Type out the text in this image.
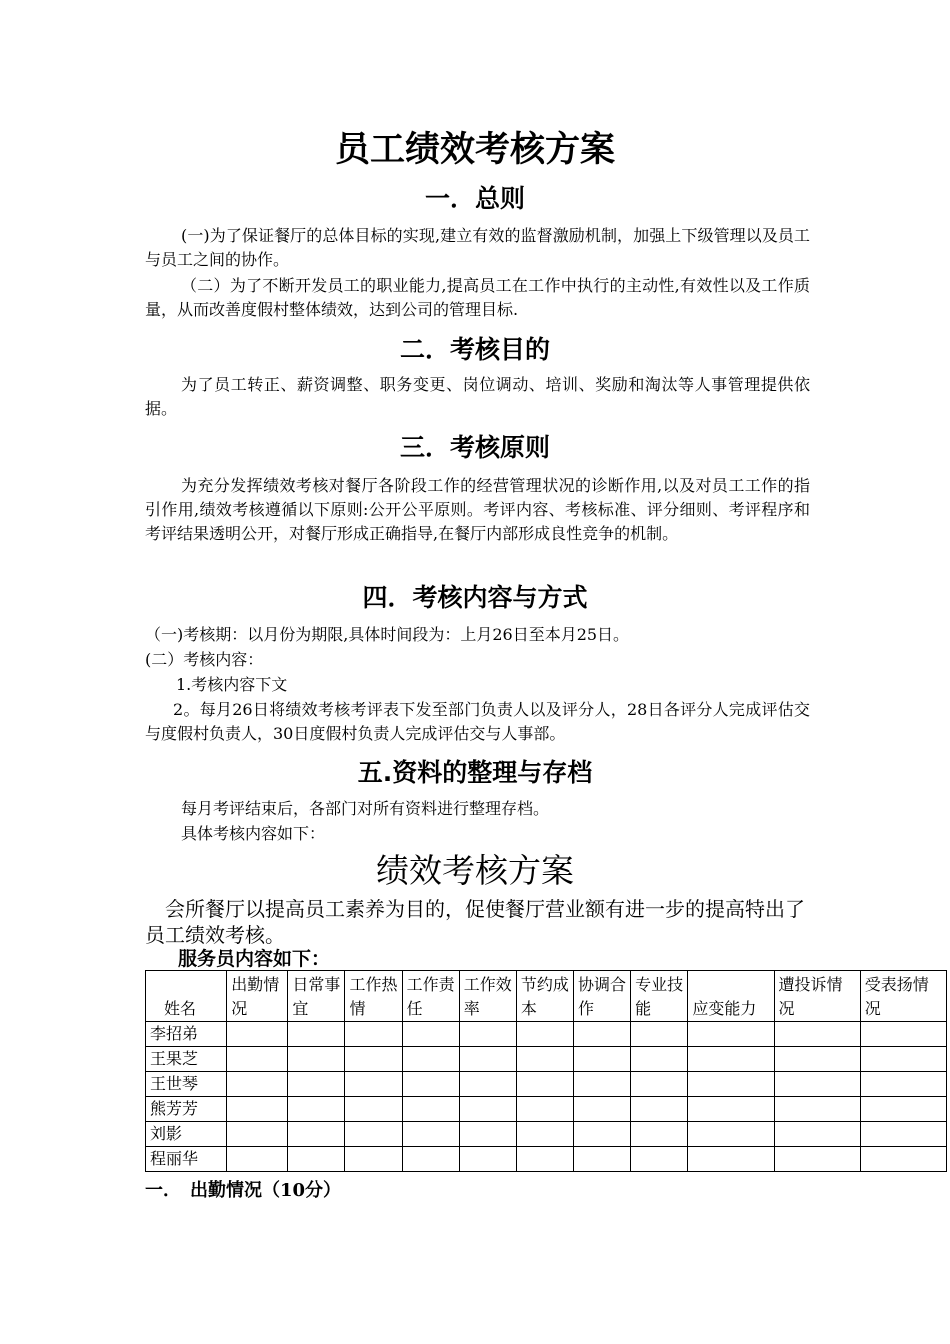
员工绩效考核方案
一．总则

(一)为了保证餐厅的总体目标的实现,建立有效的监督激励机制，加强上下级管理以及员工与员工之间的协作。

（二）为了不断开发员工的职业能力,提高员工在工作中执行的主动性,有效性以及工作质量，从而改善度假村整体绩效，达到公司的管理目标.

二．考核目的

为了员工转正、薪资调整、职务变更、岗位调动、培训、奖励和淘汰等人事管理提供依据。

三．考核原则

为充分发挥绩效考核对餐厅各阶段工作的经营管理状况的诊断作用,以及对员工工作的指引作用,绩效考核遵循以下原则:公开公平原则。考评内容、考核标准、评分细则、考评程序和考评结果透明公开，对餐厅形成正确指导,在餐厅内部形成良性竞争的机制。

四．考核内容与方式

（一)考核期：以月份为期限,具体时间段为：上月26日至本月25日。

(二）考核内容：

1.考核内容下文

2。每月26日将绩效考核考评表下发至部门负责人以及评分人，28日各评分人完成评估交与度假村负责人，30日度假村负责人完成评估交与人事部。

五.资料的整理与存档

每月考评结束后，各部门对所有资料进行整理存档。

具体考核内容如下：

绩效考核方案

会所餐厅以提高员工素养为目的，促使餐厅营业额有进一步的提高特出了员工绩效考核。

服务员内容如下：
姓名	出勤情况	日常事宜	工作热情	工作责任	工作效率	节约成本	协调合作	专业技能	应变能力	遭投诉情况	受表扬情况
李招弟											
王果芝											
王世琴											
熊芳芳											
刘影											
程丽华											
一．　出勤情况（10分）
